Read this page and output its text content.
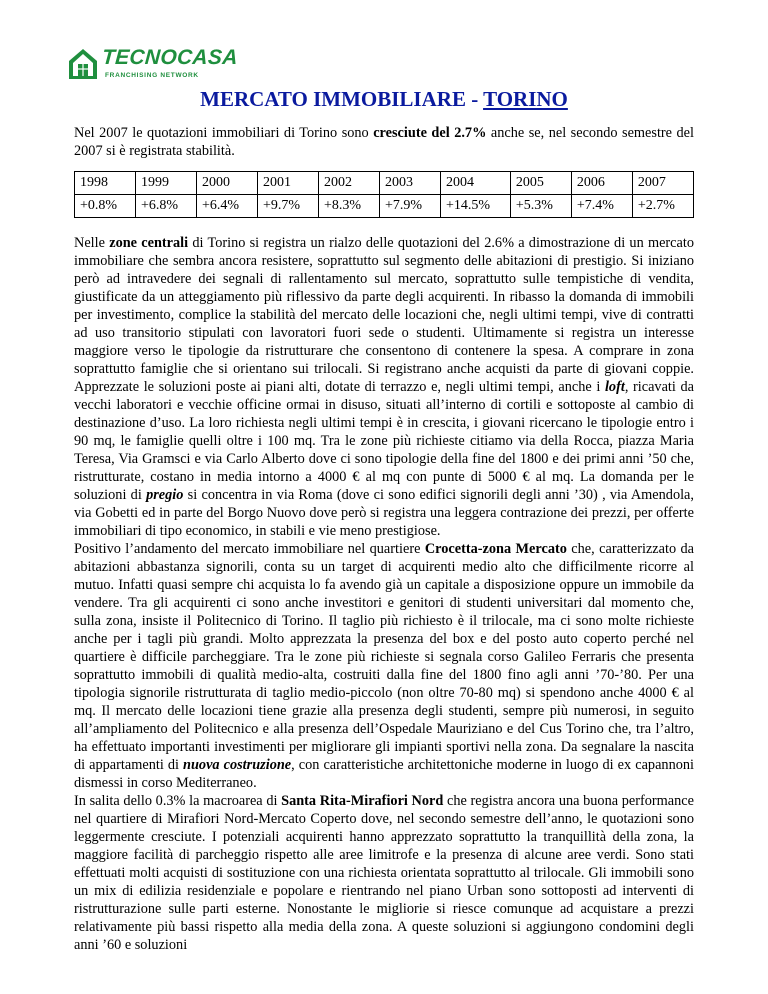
TECNOCASA
FRANCHISING NETWORK
MERCATO IMMOBILIARE - TORINO

Nel 2007 le quotazioni immobiliari di Torino sono cresciute del 2.7% anche se, nel secondo semestre del 2007 si è registrata stabilità.

1998	1999	2000	2001	2002	2003	2004	2005	2006	2007
+0.8%	+6.8%	+6.4%	+9.7%	+8.3%	+7.9%	+14.5%	+5.3%	+7.4%	+2.7%

Nelle zone centrali di Torino si registra un rialzo delle quotazioni del 2.6% a dimostrazione di un mercato immobiliare che sembra ancora resistere, soprattutto sul segmento delle abitazioni di prestigio. Si iniziano però ad intravedere dei segnali di rallentamento sul mercato, soprattutto sulle tempistiche di vendita, giustificate da un atteggiamento più riflessivo da parte degli acquirenti. In ribasso la domanda di immobili per investimento, complice la stabilità del mercato delle locazioni che, negli ultimi tempi, vive di contratti ad uso transitorio stipulati con lavoratori fuori sede o studenti. Ultimamente si registra un interesse maggiore verso le tipologie da ristrutturare che consentono di contenere la spesa. A comprare in zona soprattutto famiglie che si orientano sui trilocali. Si registrano anche acquisti da parte di giovani coppie. Apprezzate le soluzioni poste ai piani alti, dotate di terrazzo e, negli ultimi tempi, anche i loft, ricavati da vecchi laboratori e vecchie officine ormai in disuso, situati all’interno di cortili e sottoposte al cambio di destinazione d’uso. La loro richiesta negli ultimi tempi è in crescita, i giovani ricercano le tipologie entro i 90 mq, le famiglie quelli oltre i 100 mq. Tra le zone più richieste citiamo via della Rocca, piazza Maria Teresa, Via Gramsci e via Carlo Alberto dove ci sono tipologie della fine del 1800 e dei primi anni ’50 che, ristrutturate, costano in media intorno a 4000 € al mq con punte di 5000 € al mq. La domanda per le soluzioni di pregio si concentra in via Roma (dove ci sono edifici signorili degli anni ’30) , via Amendola, via Gobetti ed in parte del Borgo Nuovo dove però si registra una leggera contrazione dei prezzi, per offerte immobiliari di tipo economico, in stabili e vie meno prestigiose.

Positivo l’andamento del mercato immobiliare nel quartiere Crocetta-zona Mercato che, caratterizzato da abitazioni abbastanza signorili, conta su un target di acquirenti medio alto che difficilmente ricorre al mutuo. Infatti quasi sempre chi acquista lo fa avendo già un capitale a disposizione oppure un immobile da vendere. Tra gli acquirenti ci sono anche investitori e genitori di studenti universitari dal momento che, sulla zona, insiste il Politecnico di Torino. Il taglio più richiesto è il trilocale, ma ci sono molte richieste anche per i tagli più grandi. Molto apprezzata la presenza del box e del posto auto coperto perché nel quartiere è difficile parcheggiare. Tra le zone più richieste si segnala corso Galileo Ferraris che presenta soprattutto immobili di qualità medio-alta, costruiti dalla fine del 1800 fino agli anni ’70-’80. Per una tipologia signorile ristrutturata di taglio medio-piccolo (non oltre 70-80 mq) si spendono anche 4000 € al mq. Il mercato delle locazioni tiene grazie alla presenza degli studenti, sempre più numerosi, in seguito all’ampliamento del Politecnico e alla presenza dell’Ospedale Mauriziano e del Cus Torino che, tra l’altro, ha effettuato importanti investimenti per migliorare gli impianti sportivi nella zona. Da segnalare la nascita di appartamenti di nuova costruzione, con caratteristiche architettoniche moderne in luogo di ex capannoni dismessi in corso Mediterraneo.

In salita dello 0.3% la macroarea di Santa Rita-Mirafiori Nord che registra ancora una buona performance nel quartiere di Mirafiori Nord-Mercato Coperto dove, nel secondo semestre dell’anno, le quotazioni sono leggermente cresciute. I potenziali acquirenti hanno apprezzato soprattutto la tranquillità della zona, la maggiore facilità di parcheggio rispetto alle aree limitrofe e la presenza di alcune aree verdi. Sono stati effettuati molti acquisti di sostituzione con una richiesta orientata soprattutto al trilocale. Gli immobili sono un mix di edilizia residenziale e popolare e rientrando nel piano Urban sono sottoposti ad interventi di ristrutturazione sulle parti esterne. Nonostante le migliorie si riesce comunque ad acquistare a prezzi relativamente più bassi rispetto alla media della zona. A queste soluzioni si aggiungono condomini degli anni ’60 e soluzioni
